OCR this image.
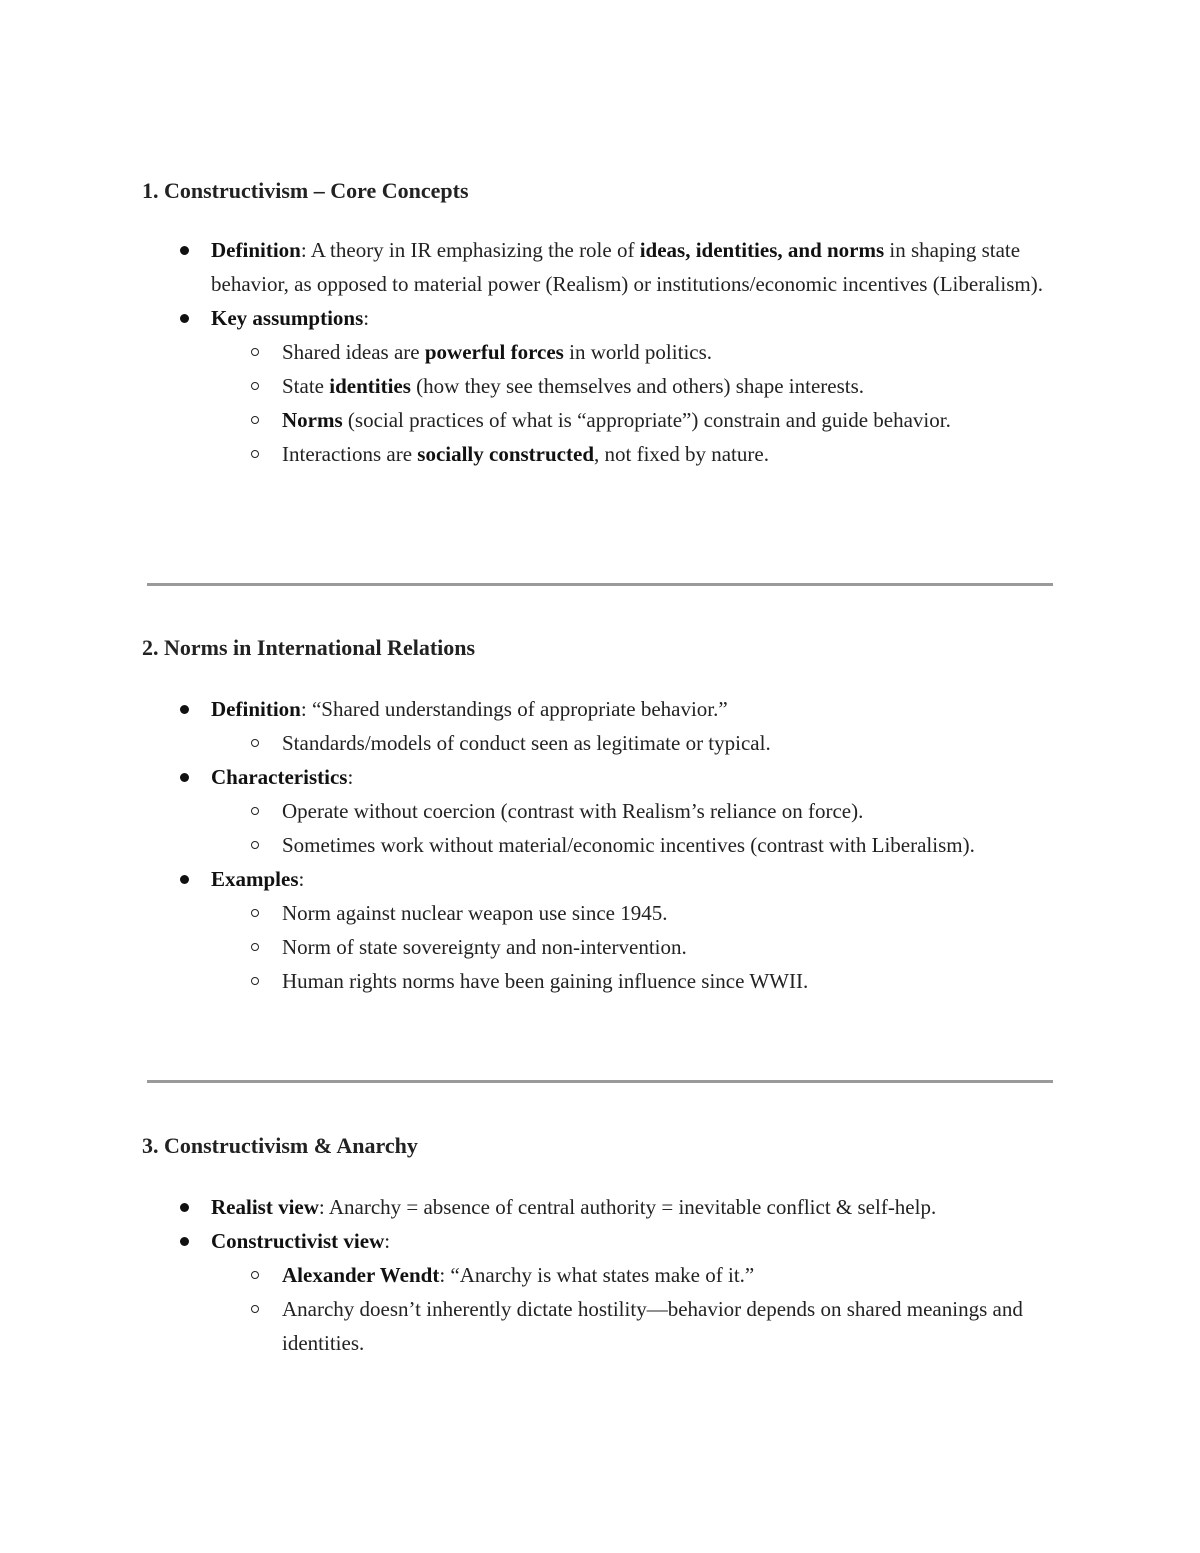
1. Constructivism – Core Concepts
Definition: A theory in IR emphasizing the role of ideas, identities, and norms in shaping state behavior, as opposed to material power (Realism) or institutions/economic incentives (Liberalism).
Key assumptions:
Shared ideas are powerful forces in world politics.
State identities (how they see themselves and others) shape interests.
Norms (social practices of what is “appropriate”) constrain and guide behavior.
Interactions are socially constructed, not fixed by nature.
2. Norms in International Relations
Definition: “Shared understandings of appropriate behavior.”
Standards/models of conduct seen as legitimate or typical.
Characteristics:
Operate without coercion (contrast with Realism’s reliance on force).
Sometimes work without material/economic incentives (contrast with Liberalism).
Examples:
Norm against nuclear weapon use since 1945.
Norm of state sovereignty and non-intervention.
Human rights norms have been gaining influence since WWII.
3. Constructivism & Anarchy
Realist view: Anarchy = absence of central authority = inevitable conflict & self-help.
Constructivist view:
Alexander Wendt: “Anarchy is what states make of it.”
Anarchy doesn’t inherently dictate hostility—behavior depends on shared meanings and identities.
